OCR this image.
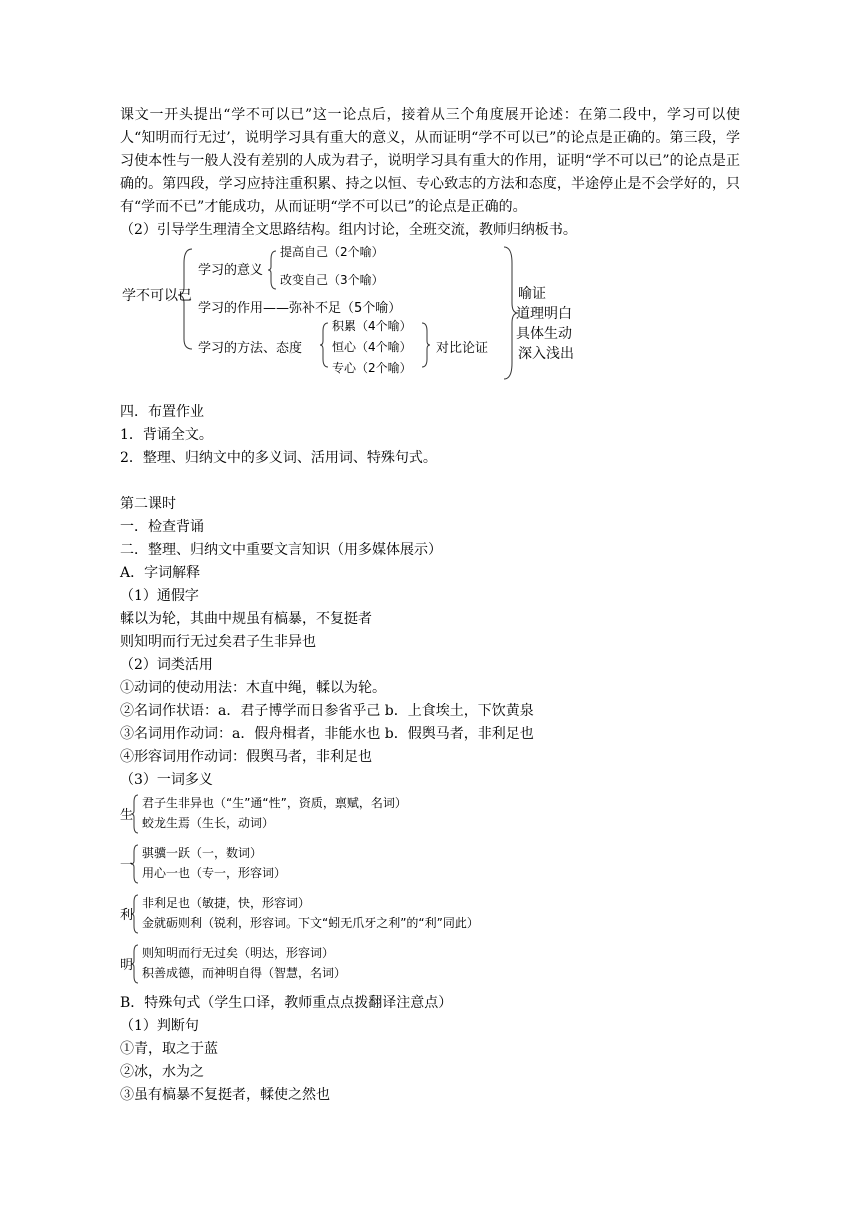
课文一开头提出“学不可以已”这一论点后，接着从三个角度展开论述：在第二段中，学习可以使人“知明而行无过’，说明学习具有重大的意义，从而证明“学不可以已”的论点是正确的。第三段，学习使本性与一般人没有差别的人成为君子，说明学习具有重大的作用，证明“学不可以已”的论点是正确的。第四段，学习应持注重积累、持之以恒、专心致志的方法和态度，半途停止是不会学好的，只有“学而不已”才能成功，从而证明“学不可以已”的论点是正确的。

（2）引导学生理清全文思路结构。组内讨论，全班交流，教师归纳板书。

学不可以已
学习的意义
提高自己（2个喻）
改变自己（3个喻）
学习的作用——弥补不足（5个喻）
学习的方法、态度
积累（4个喻）
恒心（4个喻）
专心（2个喻）
对比论证
喻证
道理明白
具体生动
深入浅出

四．布置作业

1．背诵全文。

2．整理、归纳文中的多义词、活用词、特殊句式。

第二课时

一．检查背诵

二．整理、归纳文中重要文言知识（用多媒体展示）

A．字词解释

（1）通假字

輮以为轮，其曲中规虽有槁暴，不复挺者

则知明而行无过矣君子生非异也

（2）词类活用

①动词的使动用法：木直中绳，輮以为轮。

②名词作状语：a．君子博学而日参省乎己 b．上食埃土，下饮黄泉

③名词用作动词：a．假舟楫者，非能水也 b．假舆马者，非利足也

④形容词用作动词：假舆马者，非利足也

（3）一词多义

生
君子生非异也（“生”通“性”，资质，禀赋，名词）
蛟龙生焉（生长，动词）
一
骐骥一跃（一，数词）
用心一也（专一，形容词）
利
非利足也（敏捷，快，形容词）
金就砺则利（锐利，形容词。下文“蚓无爪牙之利”的“利”同此）
明
则知明而行无过矣（明达，形容词）
积善成德，而神明自得（智慧，名词）

B．特殊句式（学生口译，教师重点点拨翻译注意点）

（1）判断句

①青，取之于蓝

②冰，水为之

③虽有槁暴不复挺者，輮使之然也
